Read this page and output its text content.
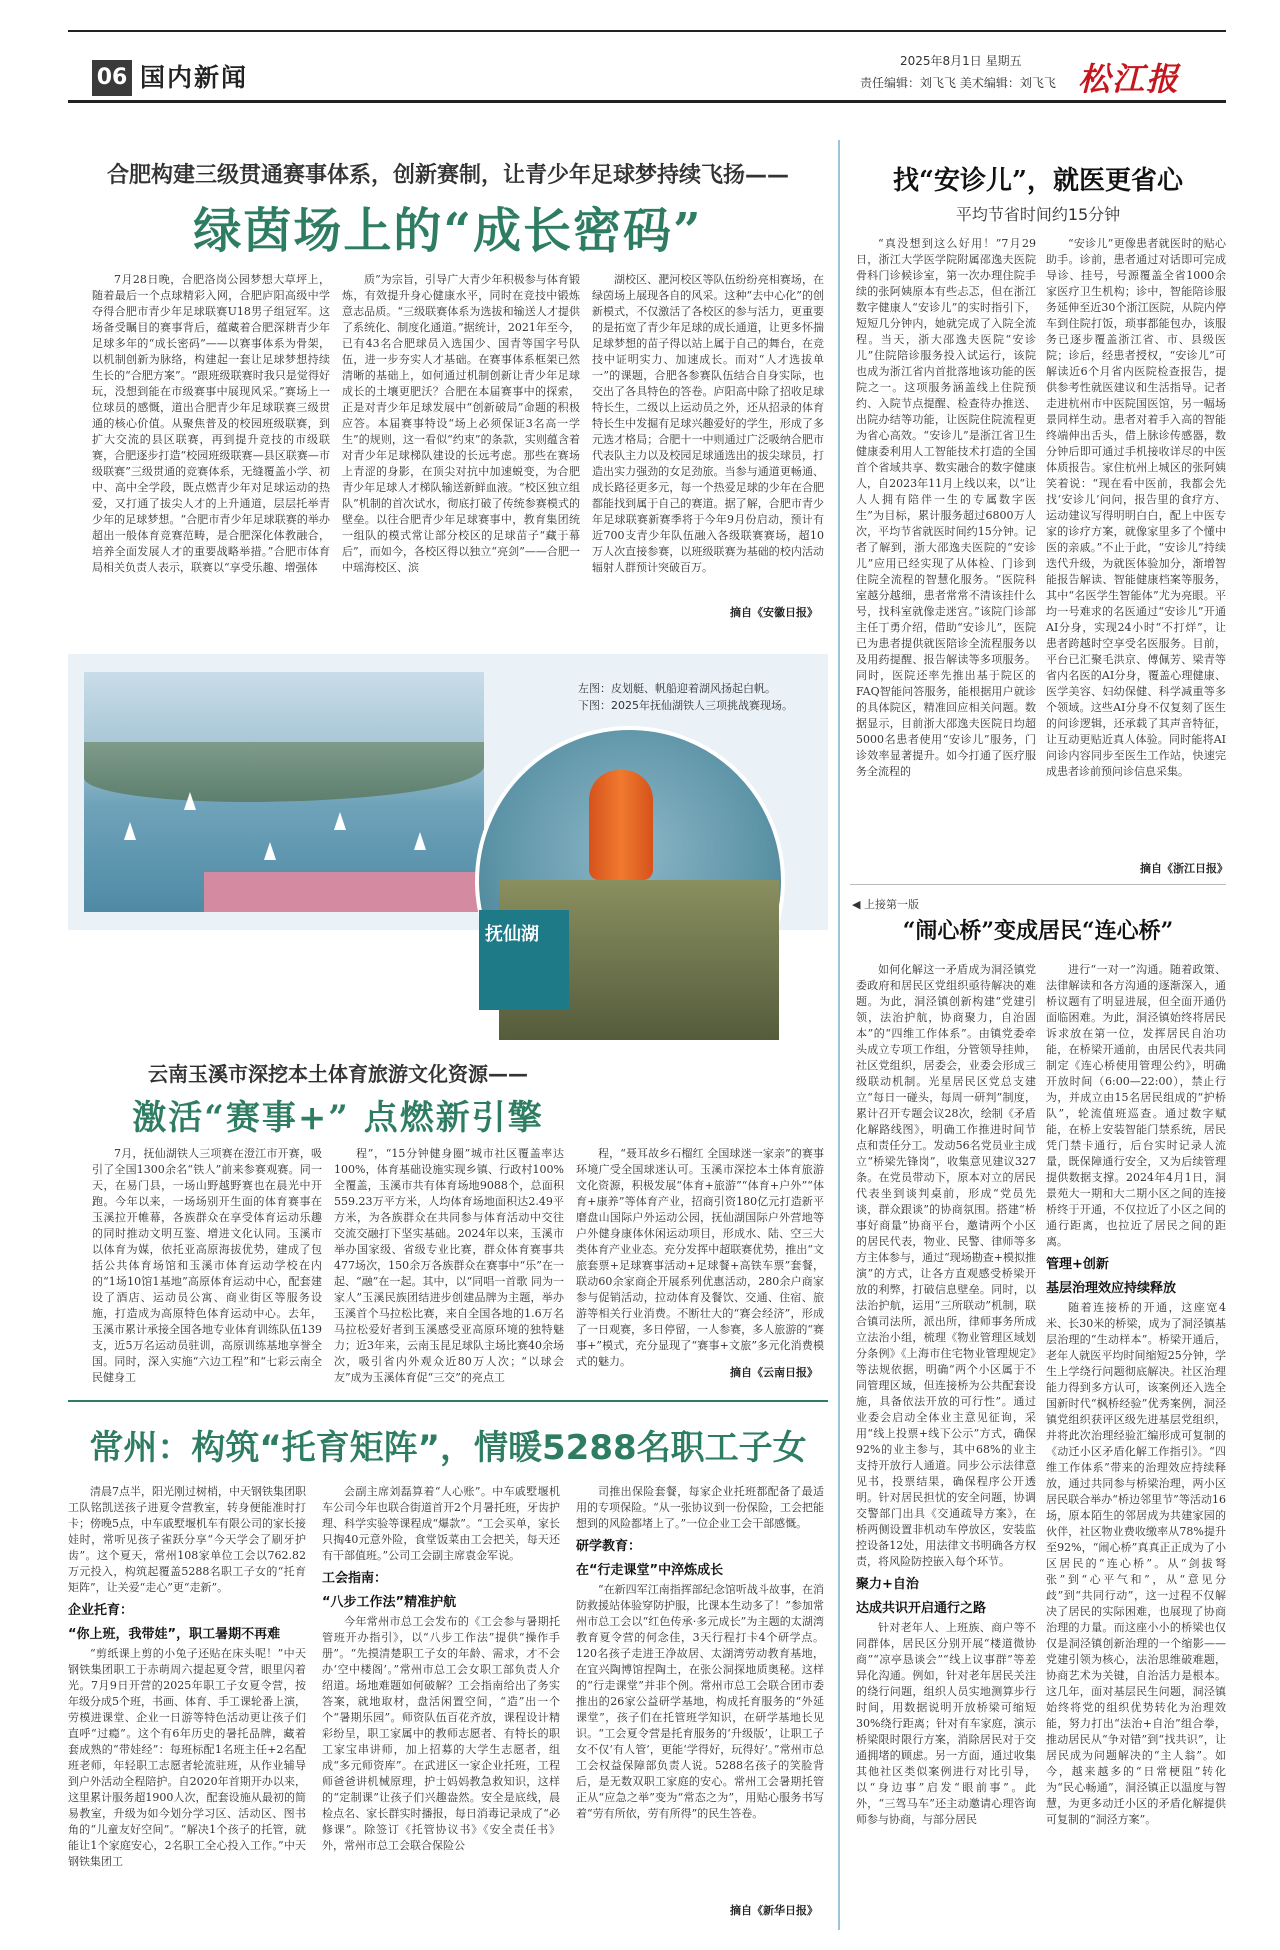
06 国内新闻
2025年8月1日 星期五
责任编辑：刘飞飞 美术编辑：刘飞飞 松江报
合肥构建三级贯通赛事体系，创新赛制，让青少年足球梦持续飞扬——
绿茵场上的“成长密码”
7月28日晚，合肥洛岗公园梦想大草坪上，随着最后一个点球精彩入网，合肥庐阳高级中学夺得合肥市青少年足球联赛U18男子组冠军。这场备受瞩目的赛事背后，蕴藏着合肥深耕青少年足球多年的“成长密码”——以赛事体系为骨架，以机制创新为脉络，构建起一套让足球梦想持续生长的“合肥方案”。“跟班级联赛时我只是觉得好玩，没想到能在市级赛事中展现风采。”赛场上一位球员的感慨，道出合肥青少年足球联赛三级贯通的核心价值。从聚焦普及的校园班级联赛，到扩大交流的县区联赛，再到提升竞技的市级联赛，合肥逐步打造“校园班级联赛—县区联赛—市级联赛”三级贯通的竞赛体系，无缝覆盖小学、初中、高中全学段，既点燃青少年对足球运动的热爱，又打通了拔尖人才的上升通道，层层托举青少年的足球梦想。“合肥市青少年足球联赛的举办超出一般体育竞赛范畴，是合肥深化体教融合，培养全面发展人才的重要战略举措。”合肥市体育局相关负责人表示，联赛以“享受乐趣、增强体
质”为宗旨，引导广大青少年积极参与体育锻炼，有效提升身心健康水平，同时在竞技中锻炼意志品质。“三级联赛体系为选拔和输送人才提供了系统化、制度化通道。”据统计，2021年至今，已有43名合肥球员入选国少、国青等国字号队伍，进一步夯实人才基础。在赛事体系框架已然清晰的基础上，如何通过机制创新让青少年足球成长的土壤更肥沃？合肥在本届赛事中的探索，正是对青少年足球发展中“创新破局”命题的积极应答。本届赛事特设“场上必须保证3名高一学生”的规则，这一看似“约束”的条款，实则蕴含着对青少年足球梯队建设的长远考虑。那些在赛场上青涩的身影，在顶尖对抗中加速蜕变，为合肥青少年足球人才梯队输送新鲜血液。“校区独立组队”机制的首次试水，彻底打破了传统参赛模式的壁垒。以往合肥青少年足球赛事中，教育集团统一组队的模式常让部分校区的足球苗子“藏于幕后”，而如今，各校区得以独立“亮剑”——合肥一中瑶海校区、滨
湖校区、淝河校区等队伍纷纷亮相赛场，在绿茵场上展现各自的风采。这种“去中心化”的创新模式，不仅激活了各校区的参与活力，更重要的是拓宽了青少年足球的成长通道，让更多怀揣足球梦想的苗子得以站上属于自己的舞台，在竞技中证明实力、加速成长。而对“人才选拔单一”的课题，合肥各参赛队伍结合自身实际，也交出了各具特色的答卷。庐阳高中除了招收足球特长生，二级以上运动员之外，还从招录的体育特长生中发掘有足球兴趣爱好的学生，形成了多元选才格局；合肥十一中则通过广泛吸纳合肥市代表队主力以及校园足球通选出的拔尖球员，打造出实力强劲的女足劲旅。当参与通道更畅通、成长路径更多元，每一个热爱足球的少年在合肥都能找到属于自己的赛道。据了解，合肥市青少年足球联赛新赛季将于今年9月份启动，预计有近700支青少年队伍融入各级联赛赛场，超10万人次直接参赛，以班级联赛为基础的校内活动辐射人群预计突破百万。
摘自《安徽日报》
抚仙湖
左图：皮划艇、帆船迎着湖风扬起白帆。
下图：2025年抚仙湖铁人三项挑战赛现场。
云南玉溪市深挖本土体育旅游文化资源——
激活“赛事+” 点燃新引擎
7月，抚仙湖铁人三项赛在澄江市开赛，吸引了全国1300余名“铁人”前来参赛观赛。同一天，在易门县，一场山野越野赛也在晨光中开跑。今年以来，一场场别开生面的体育赛事在玉溪拉开帷幕，各族群众在享受体育运动乐趣的同时推动文明互鉴、增进文化认同。玉溪市以体育为媒，依托亚高原海拔优势，建成了包括公共体育场馆和玉溪市体育运动学校在内的“1场10馆1基地”高原体育运动中心，配套建设了酒店、运动员公寓、商业街区等服务设施，打造成为高原特色体育运动中心。去年，玉溪市累计承接全国各地专业体育训练队伍139支，近5万名运动员驻训，高原训练基地享誉全国。同时，深入实施“六边工程”和“七彩云南全民健身工
程”，“15分钟健身圈”城市社区覆盖率达100%，体育基础设施实现乡镇、行政村100%全覆盖，玉溪市共有体育场地9088个，总面积559.23万平方米，人均体育场地面积达2.49平方米，为各族群众在共同参与体育活动中交往交流交融打下坚实基础。2024年以来，玉溪市举办国家级、省级专业比赛，群众体育赛事共477场次，150余万各族群众在赛事中“乐”在一起、“融”在一起。其中，以“同唱一首歌 同为一家人”玉溪民族团结进步创建品牌为主题，举办玉溪首个马拉松比赛，来自全国各地的1.6万名马拉松爱好者到玉溪感受亚高原环境的独特魅力；近3年来，云南玉昆足球队主场比赛40余场次，吸引省内外观众近80万人次；“以球会友”成为玉溪体育促“三交”的亮点工
程，“聂耳故乡石榴红 全国球迷一家亲”的赛事环境广受全国球迷认可。玉溪市深挖本土体育旅游文化资源，积极发展“体育+旅游”“体育+户外”“体育+康养”等体育产业，招商引资180亿元打造新平磨盘山国际户外运动公园，抚仙湖国际户外营地等户外健身康体休闲运动项目，形成水、陆、空三大类体育产业业态。充分发挥中超联赛优势，推出“文旅套票+足球赛事活动+足球餐+高铁车票”套餐，联动60余家商企开展系列优惠活动，280余户商家参与促销活动，拉动体育及餐饮、交通、住宿、旅游等相关行业消费。不断壮大的“赛会经济”，形成了一日观赛，多日停留，一人参赛，多人旅游的“赛事+”模式，充分显现了“赛事+文旅”多元化消费模式的魅力。
摘自《云南日报》
常州：构筑“托育矩阵”，情暖5288名职工子女
清晨7点半，阳光刚过树梢，中天钢铁集团职工队铭凯送孩子进夏令营教室，转身便能准时打卡；傍晚5点，中车戚墅堰机车有限公司的家长接娃时，常听见孩子雀跃分享“今天学会了刷牙护齿”。这个夏天，常州108家单位工会以762.82万元投入，构筑起覆盖5288名职工子女的“托育矩阵”，让关爱“走心”更“走新”。
企业托育：
“你上班，我带娃”，职工暑期不再难
“剪纸课上剪的小兔子还贴在床头呢！”中天钢铁集团职工于赤萌周六提起夏令营，眼里闪着光。7月9日开营的2025年职工子女夏令营，按年级分成5个班，书画、体育、手工课轮番上演，劳模进课堂、企业一日游等特色活动更让孩子们直呼“过瘾”。这个有6年历史的暑托品牌，藏着套成熟的“带娃经”：每班标配1名班主任+2名配班老师，年轻职工志愿者轮流驻班，从作业辅导到户外活动全程陪护。自2020年首期开办以来，这里累计服务超1900人次，配套设施从最初的简易教室，升级为如今划分学习区、活动区、图书角的“儿童友好空间”。“解决1个孩子的托管，就能让1个家庭安心，2名职工全心投入工作。”中天钢铁集团工
会副主席刘磊算着“人心账”。中车戚墅堰机车公司今年也联合街道首开2个月暑托班，牙齿护理、科学实验等课程成“爆款”。“工会买单，家长只掏40元意外险，食堂饭菜由工会把关，每天还有干部值班。”公司工会副主席袁金军说。
工会指南：
“八步工作法”精准护航
今年常州市总工会发布的《工会参与暑期托管班开办指引》，以“八步工作法”提供“操作手册”。“先摸清楚职工子女的年龄、需求，才不会办‘空中楼阁’。”常州市总工会女职工部负责人介绍道。场地难题如何破解？工会指南给出了务实答案，就地取材，盘活闲置空间，“造”出一个个“暑期乐园”。师资队伍百花齐放，课程设计精彩纷呈，职工家属中的教师志愿者、有特长的职工家宝串讲师，加上招募的大学生志愿者，组成“多元师资库”。在武进区一家企业托班，工程师爸爸讲机械原理，护士妈妈教急救知识，这样的“定制课”让孩子们兴趣盎然。安全是底线，晨检点名、家长群实时播报，每日消毒记录成了“必修课”。除签订《托管协议书》《安全责任书》外，常州市总工会联合保险公
司推出保险套餐，每家企业托班都配备了最适用的专项保险。“从一张协议到一份保险，工会把能想到的风险都堵上了。”一位企业工会干部感慨。
研学教育：
在“行走课堂”中淬炼成长
“在新四军江南指挥部纪念馆听战斗故事，在消防救援站体验穿防护服，比课本生动多了！”参加常州市总工会以“红色传承·多元成长”为主题的太湖湾教育夏令营的何念佳，3天行程打卡4个研学点。120名孩子走进王净故居、太湖湾劳动教育基地，在宜兴陶博馆捏陶土，在张公洞探地质奥秘。这样的“行走课堂”并非个例。常州市总工会联合团市委推出的26家公益研学基地，构成托育服务的“外延课堂”，孩子们在托管班学知识，在研学基地长见识。“工会夏令营是托育服务的‘升级版’，让职工子女不仅‘有人管’，更能‘学得好，玩得好’。”常州市总工会权益保障部负责人说。5288名孩子的笑脸背后，是无数双职工家庭的安心。常州工会暑期托管正从“应急之举”变为“常态之为”，用贴心服务书写着“劳有所依，劳有所得”的民生答卷。
摘自《新华日报》
找“安诊儿”，就医更省心
平均节省时间约15分钟
“真没想到这么好用！”7月29日，浙江大学医学院附属邵逸夫医院骨科门诊候诊室，第一次办理住院手续的张阿姨原本有些忐忑，但在浙江数字健康人“安诊儿”的实时指引下，短短几分钟内，她就完成了入院全流程。当天，浙大邵逸夫医院“安诊儿”住院陪诊服务投入试运行，该院也成为浙江省内首批落地该功能的医院之一。这项服务涵盖线上住院预约、入院节点提醒、检查待办推送、出院办结等功能，让医院住院流程更为省心高效。“安诊儿”是浙江省卫生健康委利用人工智能技术打造的全国首个省域共享、数实融合的数字健康人，自2023年11月上线以来，以“让人人拥有陪伴一生的专属数字医生”为目标，累计服务超过6800万人次，平均节省就医时间约15分钟。记者了解到，浙大邵逸夫医院的“安诊儿”应用已经实现了从体检、门诊到住院全流程的智慧化服务。“医院科室越分越细，患者常常不清该挂什么号，找科室就像走迷宫。”该院门诊部主任丁勇介绍，借助“安诊儿”，医院已为患者提供就医陪诊全流程服务以及用药提醒、报告解读等多项服务。同时，医院还率先推出基于院区的FAQ智能问答服务，能根据用户就诊的具体院区，精准回应相关问题。数据显示，目前浙大邵逸夫医院日均超5000名患者使用“安诊儿”服务，门诊效率显著提升。如今打通了医疗服务全流程的
“安诊儿”更像患者就医时的贴心助手。诊前，患者通过对话即可完成导诊、挂号，号源覆盖全省1000余家医疗卫生机构；诊中，智能陪诊服务延伸至近30个浙江医院，从院内停车到住院打饭，琐事都能包办，该服务已逐步覆盖浙江省、市、县级医院；诊后，经患者授权，“安诊儿”可解读近6个月省内医院检查报告，提供参考性就医建议和生活指导。记者走进杭州市中医院国医馆，另一幅场景同样生动。患者对着手入高的智能终端伸出舌头，借上脉诊传感器，数分钟后即可通过手机接收详尽的中医体质报告。家住杭州上城区的张阿姨笑着说：“现在看中医前，我都会先找‘安诊儿’问问，报告里的食疗方、运动建议写得明明白白，配上中医专家的诊疗方案，就像家里多了个懂中医的亲戚。”不止于此，“安诊儿”持续迭代升级，为就医体验加分，渐增智能报告解读、智能健康档案等服务，其中“名医学生智能体”尤为亮眼。平均一号难求的名医通过“安诊儿”开通AI分身，实现24小时“不打烊”，让患者跨越时空享受名医服务。目前，平台已汇聚毛洪京、傅佩芳、梁青等省内名医的AI分身，覆盖心理健康、医学美容、妇幼保健、科学减重等多个领域。这些AI分身不仅复刻了医生的问诊逻辑，还承载了其声音特征，让互动更贴近真人体验。同时能将AI问诊内容同步至医生工作站，快速完成患者诊前预问诊信息采集。
摘自《浙江日报》
◀ 上接第一版
“闹心桥”变成居民“连心桥”
如何化解这一矛盾成为洞泾镇党委政府和居民区党组织亟待解决的难题。为此，洞泾镇创新构建“党建引领，法治护航，协商聚力，自治固本”的“四维工作体系”。由镇党委牵头成立专项工作组，分管领导挂帅，社区党组织，居委会，业委会形成三级联动机制。光星居民区党总支建立“每日一碰头，每周一研判”制度，累计召开专题会议28次，绘制《矛盾化解路线图》，明确工作推进时间节点和责任分工。发动56名党员业主成立“桥梁先锋岗”，收集意见建议327条。在党员带动下，原本对立的居民代表坐到谈判桌前，形成“党员先谈，群众跟谈”的协商氛围。搭建“桥事好商量”协商平台，邀请两个小区的居民代表，物业、民警、律师等多方主体参与，通过“现场勘查+模拟推演”的方式，让各方直观感受桥梁开放的利弊，打破信息壁垒。同时，以法治护航，运用“三所联动”机制，联合镇司法所，派出所，律师事务所成立法治小组，梳理《物业管理区域划分条例》《上海市住宅物业管理规定》等法规依据，明确“两个小区属于不同管理区域，但连接桥为公共配套设施，具备依法开放的可行性”。通过业委会启动全体业主意见征询，采用“线上投票+线下公示”方式，确保92%的业主参与，其中68%的业主支持开放行人通道。同步公示法律意见书，投票结果，确保程序公开透明。针对居民担忧的安全问题，协调交警部门出具《交通疏导方案》，在桥两侧设置非机动车停放区，安装监控设备12处，用法律文书明确各方权责，将风险防控嵌入每个环节。
聚力+自治
达成共识开启通行之路
针对老年人、上班族、商户等不同群体，居民区分别开展“楼道微协商”“凉亭恳谈会”“线上议事群”等差异化沟通。例如，针对老年居民关注的绕行问题，组织人员实地测算步行时间，用数据说明开放桥梁可缩短30%绕行距离；针对有车家庭，演示桥梁限时限行方案，消除居民对于交通拥堵的顾虑。另一方面，通过收集其他社区类似案例进行对比引导，以“身边事”启发“眼前事”。此外，“三驾马车”还主动邀请心理咨询师参与协商，与部分居民
进行“一对一”沟通。随着政策、法律解读和各方沟通的逐渐深入，通桥议题有了明显进展，但全面开通仍面临困难。为此，洞泾镇始终将居民诉求放在第一位，发挥居民自治功能，在桥梁开通前，由居民代表共同制定《连心桥使用管理公约》，明确开放时间（6:00—22:00），禁止行为，并成立由15名居民组成的“护桥队”，轮流值班巡查。通过数字赋能，在桥上安装智能门禁系统，居民凭门禁卡通行，后台实时记录人流量，既保障通行安全，又为后续管理提供数据支撑。2024年4月1日，洞景苑大一期和大二期小区之间的连接桥终于开通，不仅拉近了小区之间的通行距离，也拉近了居民之间的距离。
管理+创新
基层治理效应持续释放
随着连接桥的开通，这座宽4米、长30米的桥梁，成为了洞泾镇基层治理的“生动样本”。桥梁开通后，老年人就医平均时间缩短25分钟，学生上学绕行问题彻底解决。社区治理能力得到多方认可，该案例还入选全国新时代“枫桥经验”优秀案例，洞泾镇党组织获评区级先进基层党组织，并将此次治理经验汇编形成可复制的《动迁小区矛盾化解工作指引》。“四维工作体系”带来的治理效应持续释放，通过共同参与桥梁治理，两小区居民联合举办“桥边邻里节”等活动16场，原本陌生的邻居成为共建家园的伙伴，社区物业费收缴率从78%提升至92%，“闹心桥”真真正正成为了小区居民的“连心桥”。从“剑拔弩张”到“心平气和”，从“意见分歧”到“共同行动”，这一过程不仅解决了居民的实际困难，也展现了协商治理的力量。而这座小小的桥梁也仅仅是洞泾镇创新治理的一个缩影——党建引领为核心，法治思维破难题，协商艺术为关键，自治活力是根本。这几年，面对基层民生问题，洞泾镇始终将党的组织优势转化为治理效能，努力打出“法治+自治”组合拳，推动居民从“争对错”到“找共识”，让居民成为问题解决的“主人翁”。如今，越来越多的“日常梗阻”转化为“民心畅通”，洞泾镇正以温度与智慧，为更多动迁小区的矛盾化解提供可复制的“洞泾方案”。
